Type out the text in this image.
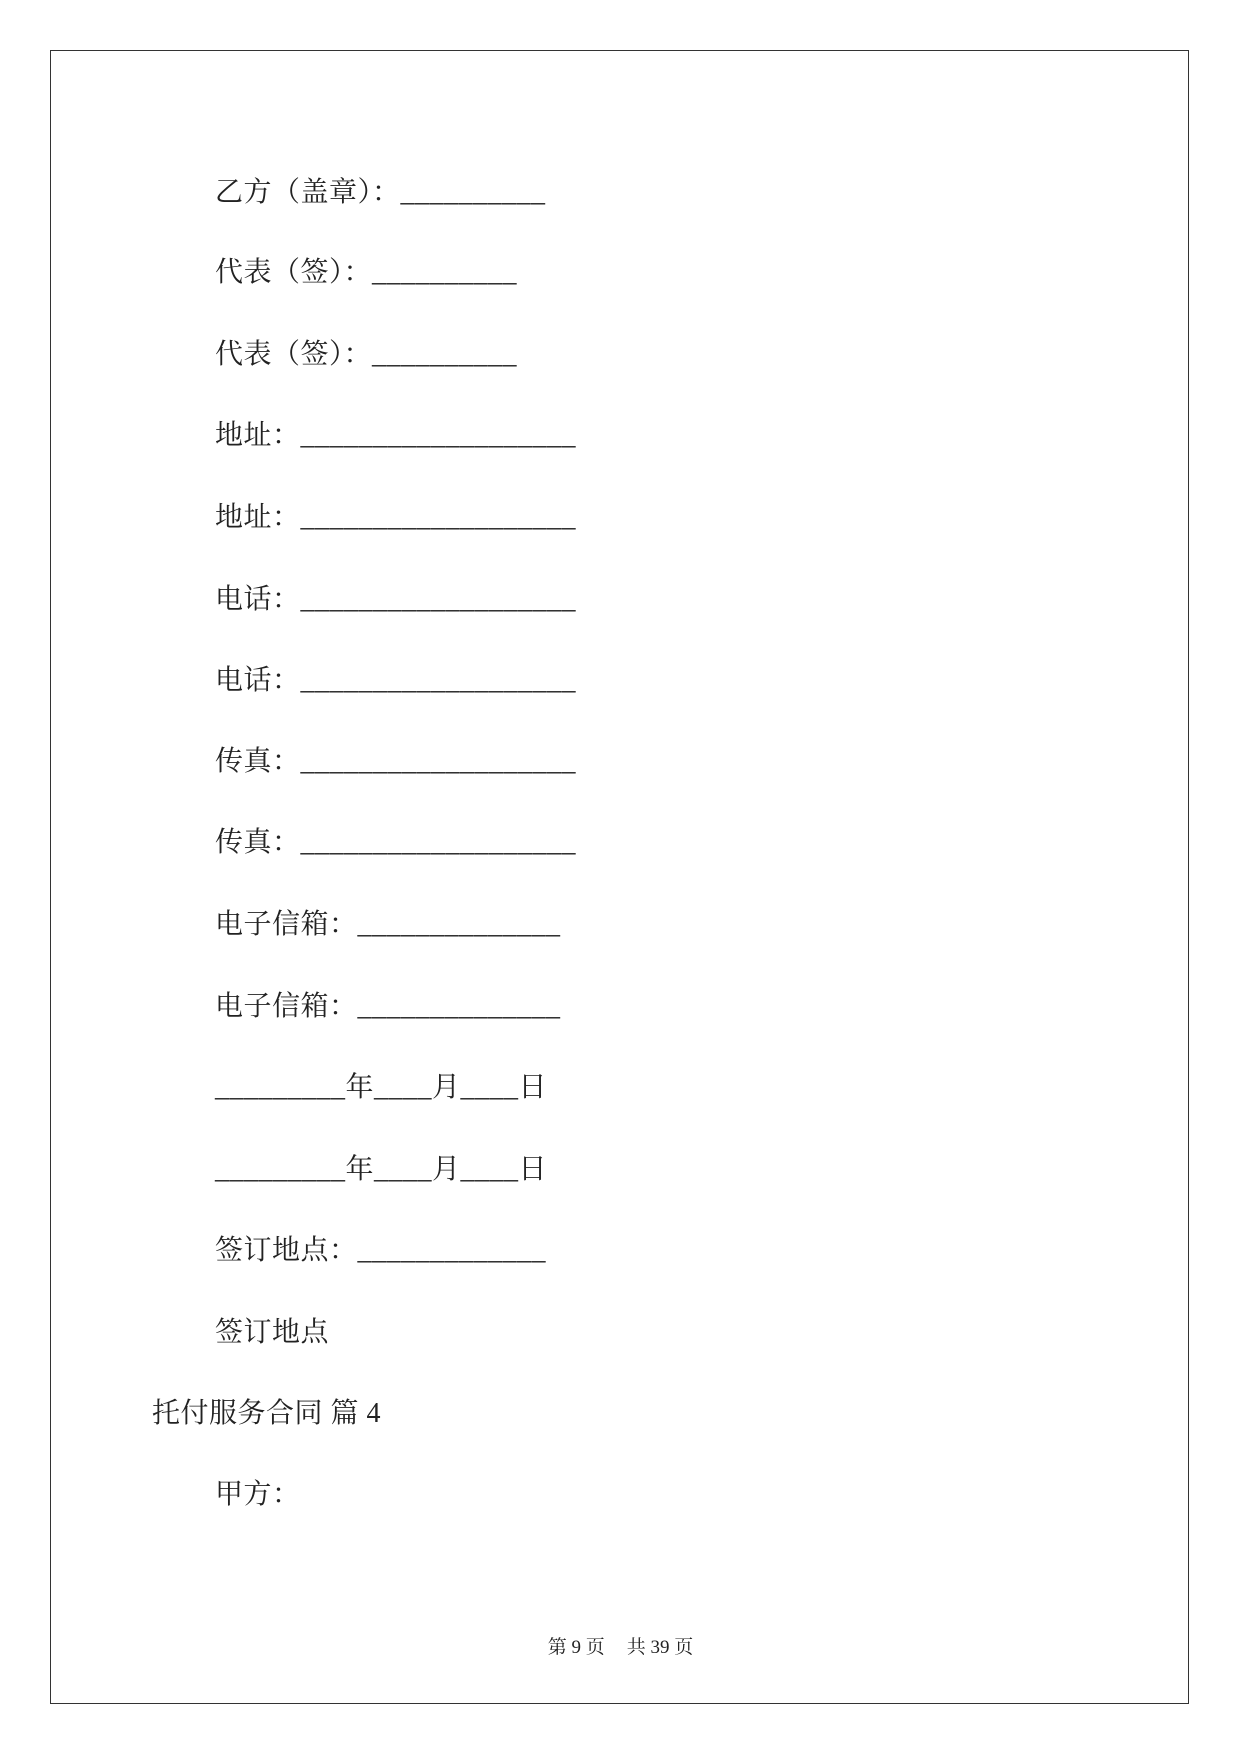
乙方（盖章）：__________
代表（签）：__________
代表（签）：__________
地址：___________________
地址：___________________
电话：___________________
电话：___________________
传真：___________________
传真：___________________
电子信箱：______________
电子信箱：______________
_________年____月____日
_________年____月____日
签订地点：_____________
签订地点
托付服务合同 篇 4
甲方：
第 9 页 共 39 页
